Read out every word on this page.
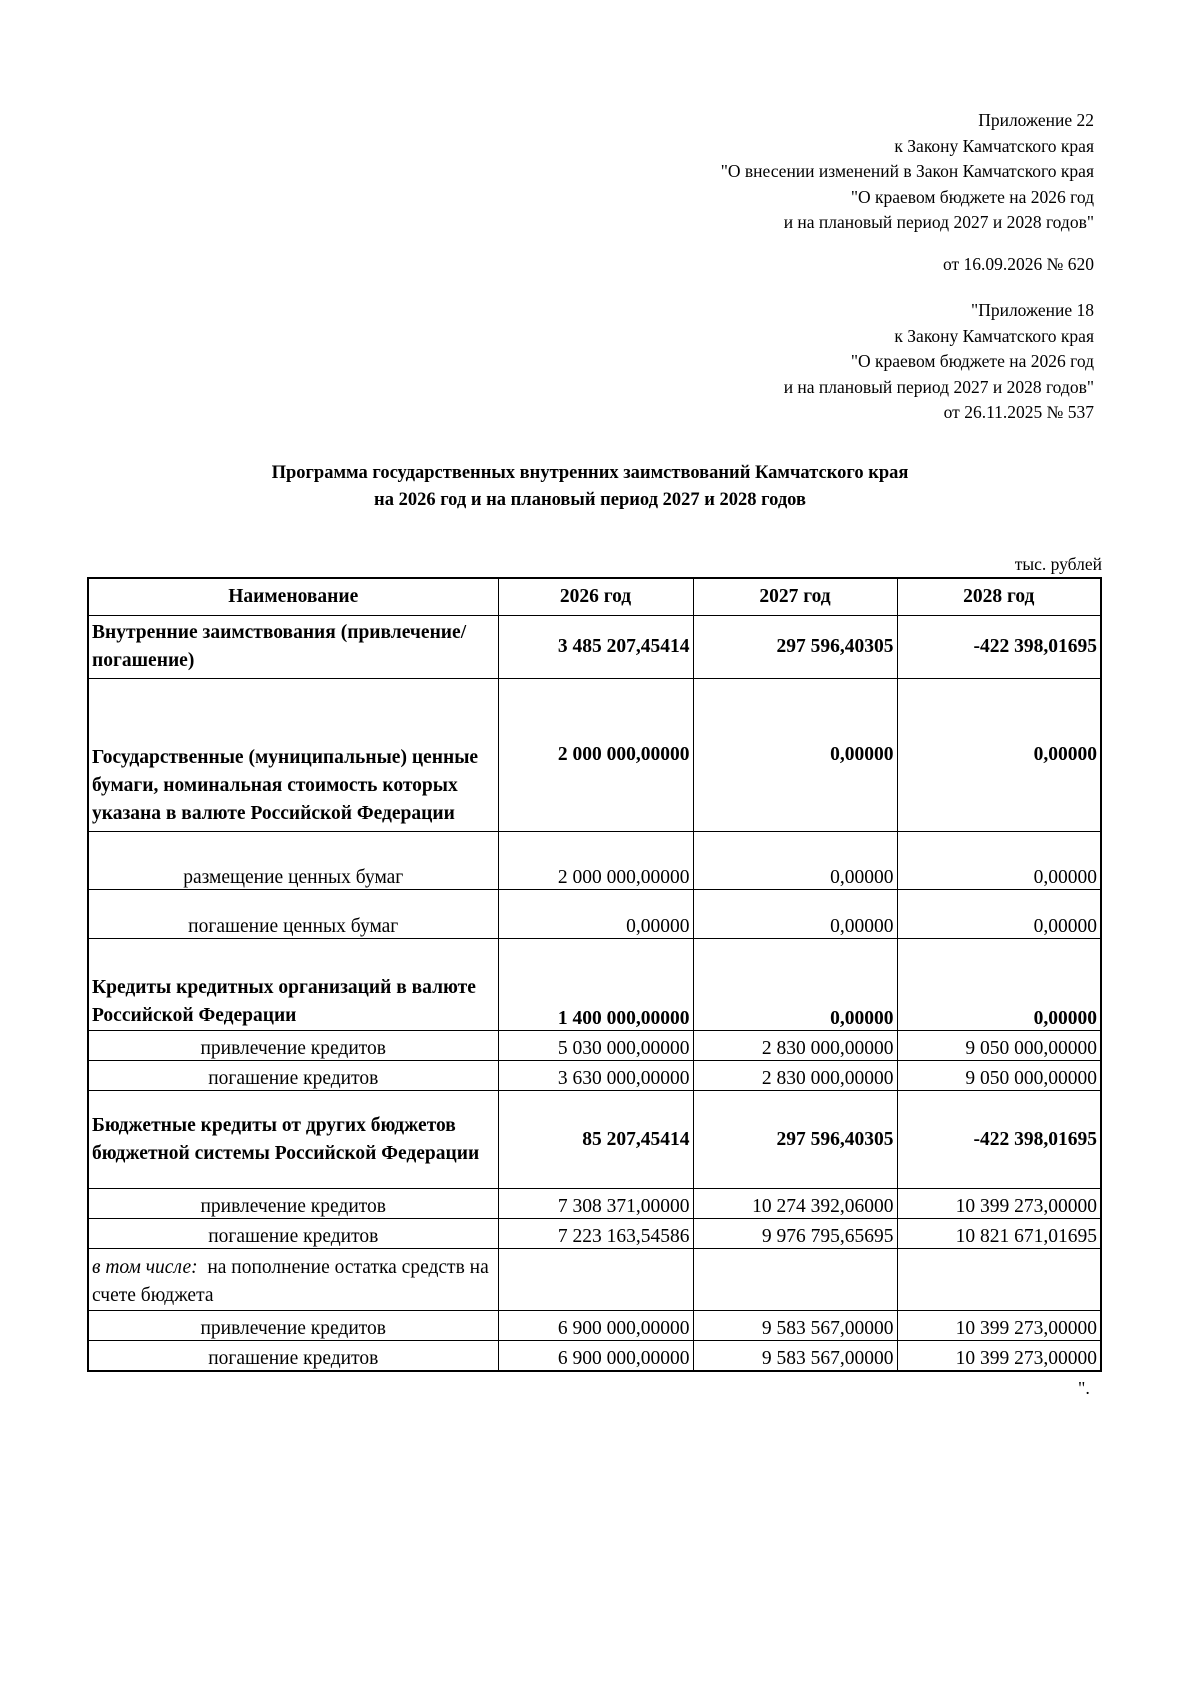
Приложение 22
к Закону Камчатского края
"О внесении изменений в Закон Камчатского края
"О краевом бюджете на 2026 год
и на плановый период 2027 и 2028 годов"
от 16.09.2026 № 620
"Приложение 18
к Закону Камчатского края
"О краевом бюджете на 2026 год
и на плановый период 2027 и 2028 годов"
от 26.11.2025 № 537
Программа государственных внутренних заимствований Камчатского края
на 2026 год и на плановый период 2027 и 2028 годов
тыс. рублей
Наименование	2026 год	2027 год	2028 год
Внутренние заимствования (привлечение/погашение)	3 485 207,45414	297 596,40305	-422 398,01695
Государственные (муниципальные) ценные бумаги, номинальная стоимость которых указана в валюте Российской Федерации	2 000 000,00000	0,00000	0,00000
размещение ценных бумаг	2 000 000,00000	0,00000	0,00000
погашение ценных бумаг	0,00000	0,00000	0,00000
Кредиты кредитных организаций в валюте Российской Федерации	1 400 000,00000	0,00000	0,00000
привлечение кредитов	5 030 000,00000	2 830 000,00000	9 050 000,00000
погашение кредитов	3 630 000,00000	2 830 000,00000	9 050 000,00000
Бюджетные кредиты от других бюджетов бюджетной системы Российской Федерации	85 207,45414	297 596,40305	-422 398,01695
привлечение кредитов	7 308 371,00000	10 274 392,06000	10 399 273,00000
погашение кредитов	7 223 163,54586	9 976 795,65695	10 821 671,01695
в том числе:  на пополнение остатка средств на счете бюджета			
привлечение кредитов	6 900 000,00000	9 583 567,00000	10 399 273,00000
погашение кредитов	6 900 000,00000	9 583 567,00000	10 399 273,00000
".
